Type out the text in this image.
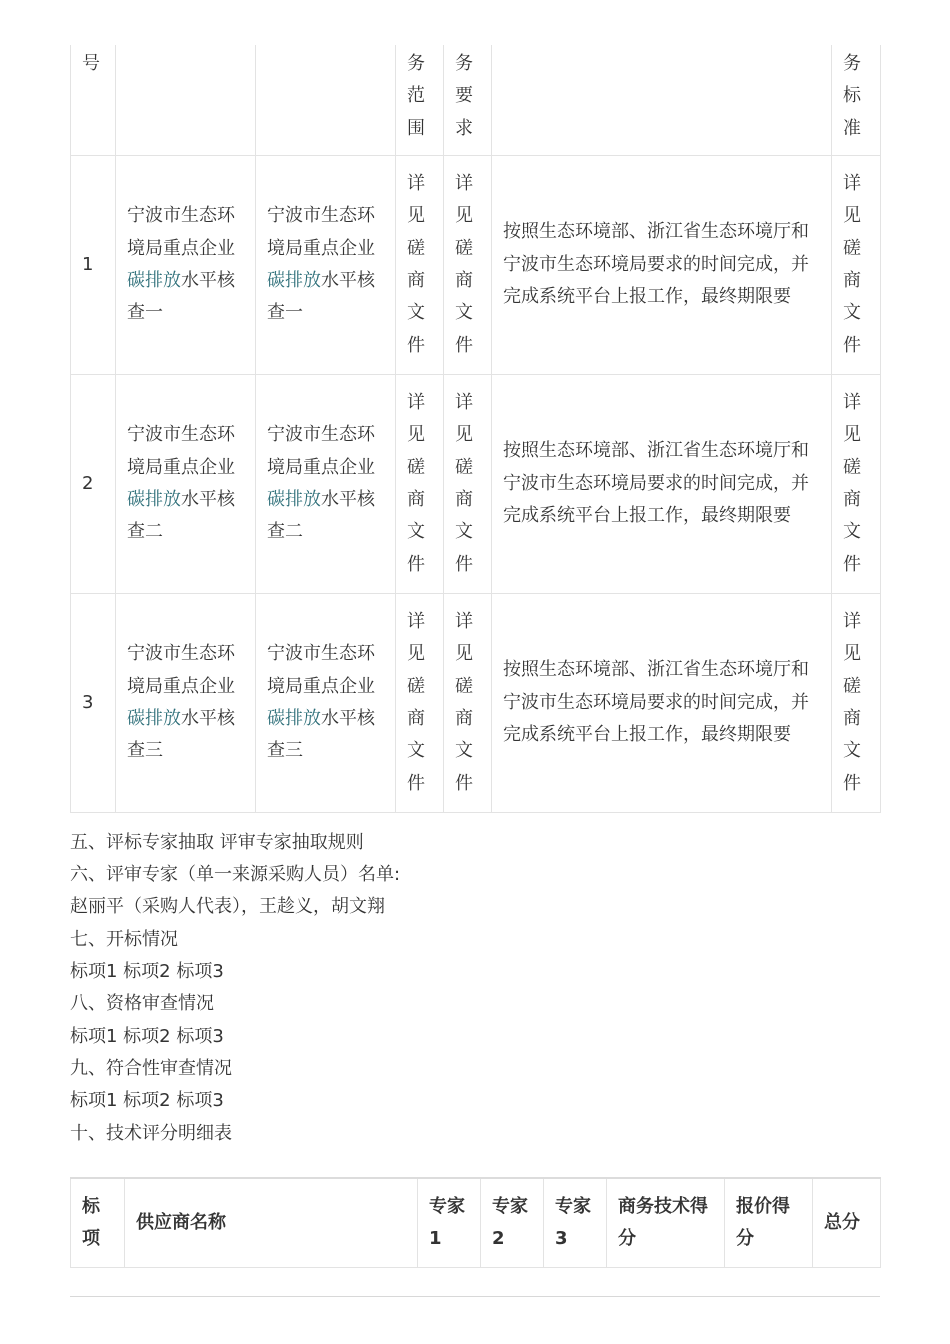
号			务范围	务要求		务标准

1	宁波市生态环境局重点企业碳排放水平核查一	宁波市生态环境局重点企业碳排放水平核查一	详见磋商文件	详见磋商文件	按照生态环境部、浙江省生态环境厅和宁波市生态环境局要求的时间完成，并完成系统平台上报工作，最终期限要	详见磋商文件

2	宁波市生态环境局重点企业碳排放水平核查二	宁波市生态环境局重点企业碳排放水平核查二	详见磋商文件	详见磋商文件	按照生态环境部、浙江省生态环境厅和宁波市生态环境局要求的时间完成，并完成系统平台上报工作，最终期限要	详见磋商文件

3	宁波市生态环境局重点企业碳排放水平核查三	宁波市生态环境局重点企业碳排放水平核查三	详见磋商文件	详见磋商文件	按照生态环境部、浙江省生态环境厅和宁波市生态环境局要求的时间完成，并完成系统平台上报工作，最终期限要	详见磋商文件
五、评标专家抽取 评审专家抽取规则
六、评审专家（单一来源采购人员）名单:
赵丽平（采购人代表），王趁义，胡文翔
七、开标情况
标项1 标项2 标项3
八、资格审查情况
标项1 标项2 标项3
九、符合性审查情况
标项1 标项2 标项3
十、技术评分明细表
标项	供应商名称	专家1	专家2	专家3	商务技术得分	报价得分	总分
